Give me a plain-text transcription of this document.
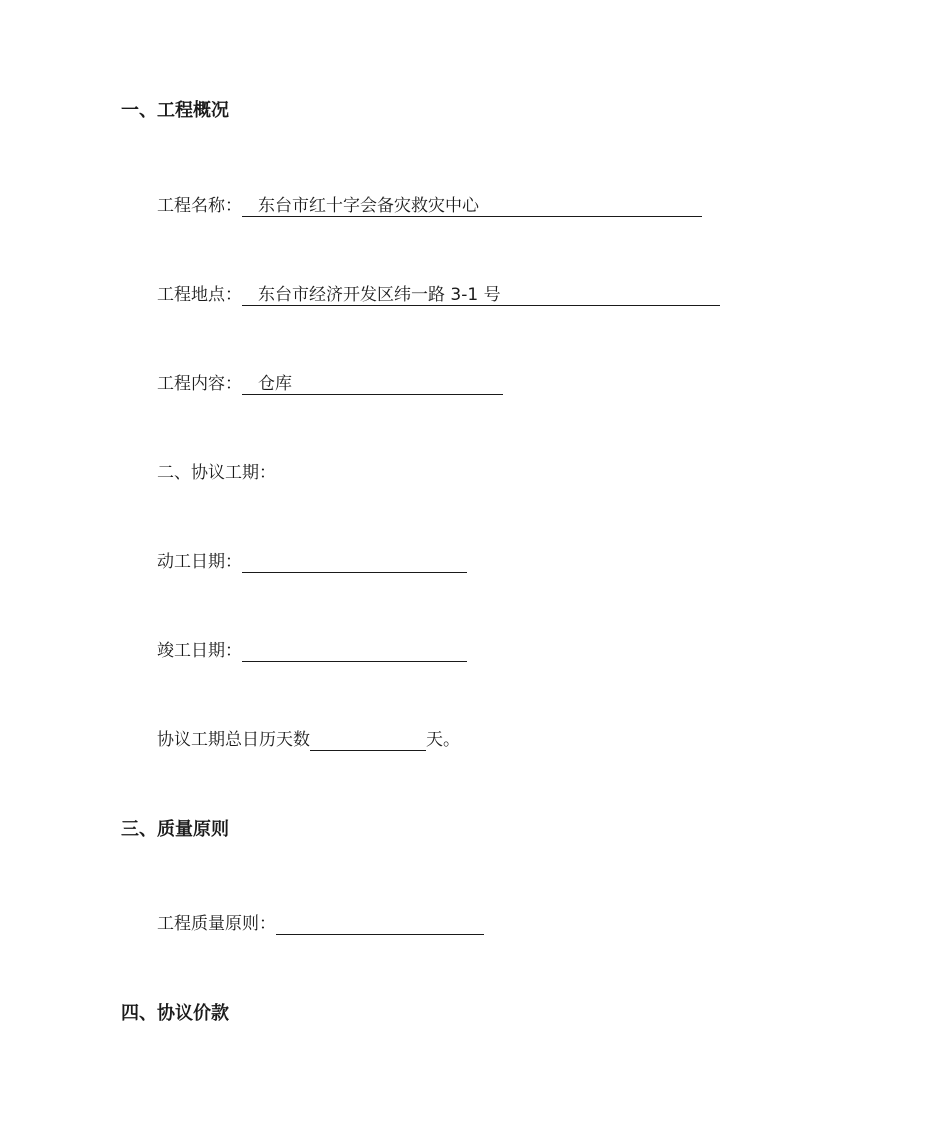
一、工程概况
工程名称： 东台市红十字会备灾救灾中心
工程地点： 东台市经济开发区纬一路 3-1 号
工程内容： 仓库
二、协议工期：
动工日期：
竣工日期：
协议工期总日历天数	天。
三、质量原则
工程质量原则：
四、协议价款
